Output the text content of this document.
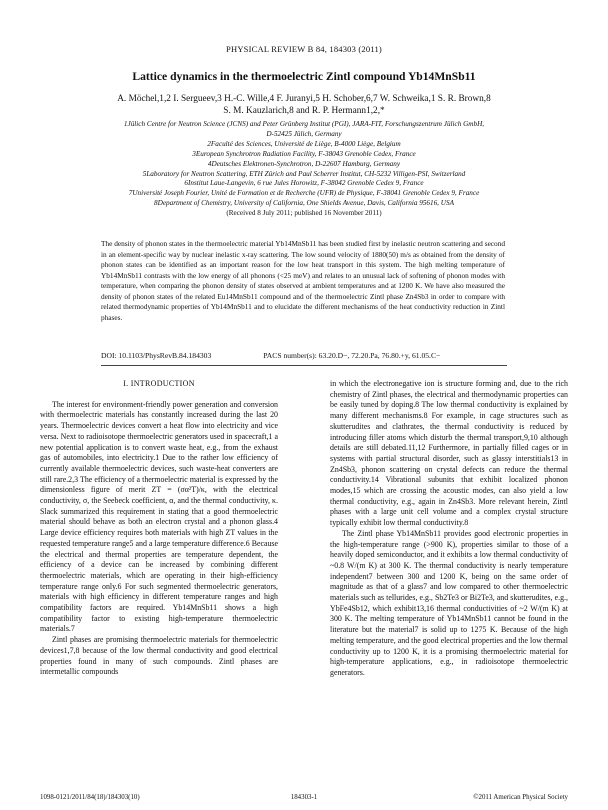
PHYSICAL REVIEW B 84, 184303 (2011)
Lattice dynamics in the thermoelectric Zintl compound Yb14MnSb11
A. Möchel,1,2 I. Sergueev,3 H.-C. Wille,4 F. Juranyi,5 H. Schober,6,7 W. Schweika,1 S. R. Brown,8
S. M. Kauzlarich,8 and R. P. Hermann1,2,*
1Jülich Centre for Neutron Science (JCNS) and Peter Grünberg Institut (PGI), JARA-FIT, Forschungszentrum Jülich GmbH,
D-52425 Jülich, Germany
2Faculté des Sciences, Université de Liège, B-4000 Liège, Belgium
3European Synchrotron Radiation Facility, F-38043 Grenoble Cedex, France
4Deutsches Elektronen-Synchrotron, D-22607 Hamburg, Germany
5Laboratory for Neutron Scattering, ETH Zürich and Paul Scherrer Institut, CH-5232 Villigen-PSI, Switzerland
6Institut Laue-Langevin, 6 rue Jules Horowitz, F-38042 Grenoble Cedex 9, France
7Université Joseph Fourier, Unité de Formation et de Recherche (UFR) de Physique, F-38041 Grenoble Cedex 9, France
8Department of Chemistry, University of California, One Shields Avenue, Davis, California 95616, USA
(Received 8 July 2011; published 16 November 2011)
The density of phonon states in the thermoelectric material Yb14MnSb11 has been studied first by inelastic neutron scattering and second in an element-specific way by nuclear inelastic x-ray scattering. The low sound velocity of 1880(50) m/s as obtained from the density of phonon states can be identified as an important reason for the low heat transport in this system. The high melting temperature of Yb14MnSb11 contrasts with the low energy of all phonons (<25 meV) and relates to an unusual lack of softening of phonon modes with temperature, when comparing the phonon density of states observed at ambient temperatures and at 1200 K. We have also measured the density of phonon states of the related Eu14MnSb11 compound and of the thermoelectric Zintl phase Zn4Sb3 in order to compare with related thermodynamic properties of Yb14MnSb11 and to elucidate the different mechanisms of the heat conductivity reduction in Zintl phases.
DOI: 10.1103/PhysRevB.84.184303	PACS number(s): 63.20.D−, 72.20.Pa, 76.80.+y, 61.05.C−
I. INTRODUCTION

The interest for environment-friendly power generation and conversion with thermoelectric materials has constantly increased during the last 20 years. Thermoelectric devices convert a heat flow into electricity and vice versa. Next to radioisotope thermoelectric generators used in spacecraft,1 a new potential application is to convert waste heat, e.g., from the exhaust gas of automobiles, into electricity.1 Due to the rather low efficiency of currently available thermoelectric devices, such waste-heat converters are still rare.2,3 The efficiency of a thermoelectric material is expressed by the dimensionless figure of merit ZT = (σα²T)/κ, with the electrical conductivity, σ, the Seebeck coefficient, α, and the thermal conductivity, κ. Slack summarized this requirement in stating that a good thermoelectric material should behave as both an electron crystal and a phonon glass.4 Large device efficiency requires both materials with high ZT values in the requested temperature range5 and a large temperature difference.6 Because the electrical and thermal properties are temperature dependent, the efficiency of a device can be increased by combining different thermoelectric materials, which are operating in their high-efficiency temperature range only.6 For such segmented thermoelectric generators, materials with high efficiency in different temperature ranges and high compatibility factors are required. Yb14MnSb11 shows a high compatibility factor to existing high-temperature thermoelectric materials.7

Zintl phases are promising thermoelectric materials for thermoelectric devices1,7,8 because of the low thermal conductivity and good electrical properties found in many of such compounds. Zintl phases are intermetallic compounds

in which the electronegative ion is structure forming and, due to the rich chemistry of Zintl phases, the electrical and thermodynamic properties can be easily tuned by doping.8 The low thermal conductivity is explained by many different mechanisms.8 For example, in cage structures such as skutterudites and clathrates, the thermal conductivity is reduced by introducing filler atoms which disturb the thermal transport,9,10 although details are still debated.11,12 Furthermore, in partially filled cages or in systems with partial structural disorder, such as glassy interstitials13 in Zn4Sb3, phonon scattering on crystal defects can reduce the thermal conductivity.14 Vibrational subunits that exhibit localized phonon modes,15 which are crossing the acoustic modes, can also yield a low thermal conductivity, e.g., again in Zn4Sb3. More relevant herein, Zintl phases with a large unit cell volume and a complex crystal structure typically exhibit low thermal conductivity.8

The Zintl phase Yb14MnSb11 provides good electronic properties in the high-temperature range (>900 K), properties similar to those of a heavily doped semiconductor, and it exhibits a low thermal conductivity of ~0.8 W/(m K) at 300 K. The thermal conductivity is nearly temperature independent7 between 300 and 1200 K, being on the same order of magnitude as that of a glass7 and low compared to other thermoelectric materials such as tellurides, e.g., Sb2Te3 or Bi2Te3, and skutterudites, e.g., YbFe4Sb12, which exhibit13,16 thermal conductivities of ~2 W/(m K) at 300 K. The melting temperature of Yb14MnSb11 cannot be found in the literature but the material7 is solid up to 1275 K. Because of the high melting temperature, and the good electrical properties and the low thermal conductivity up to 1200 K, it is a promising thermoelectric material for high-temperature applications, e.g., in radioisotope thermoelectric generators.

1098-0121/2011/84(18)/184303(10)	184303-1	©2011 American Physical Society
